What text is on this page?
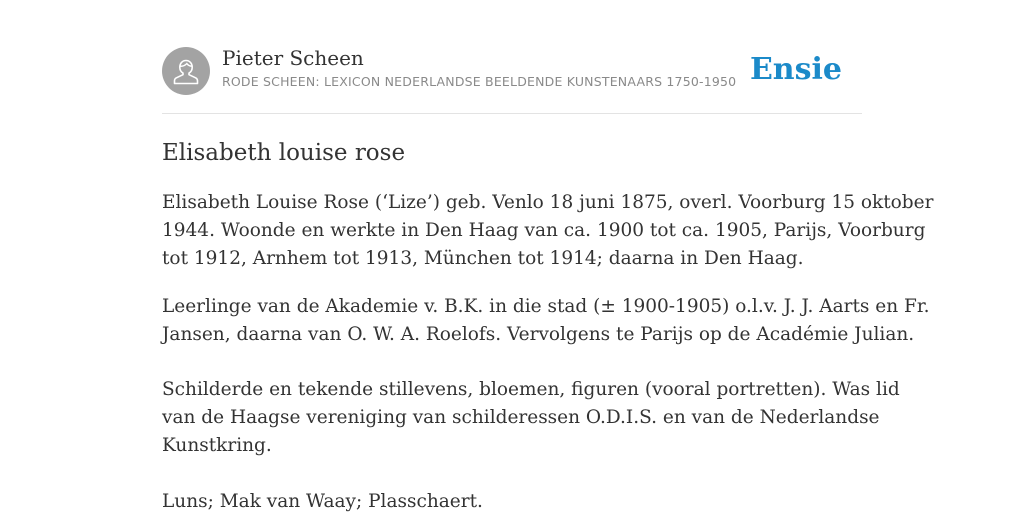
Pieter Scheen
RODE SCHEEN: LEXICON NEDERLANDSE BEELDENDE KUNSTENAARS 1750-1950 Ensie
Elisabeth louise rose

Elisabeth Louise Rose (‘Lize’) geb. Venlo 18 juni 1875, overl. Voorburg 15 oktober
1944. Woonde en werkte in Den Haag van ca. 1900 tot ca. 1905, Parijs, Voorburg
tot 1912, Arnhem tot 1913, München tot 1914; daarna in Den Haag.

Leerlinge van de Akademie v. B.K. in die stad (± 1900-1905) o.l.v. J. J. Aarts en Fr.
Jansen, daarna van O. W. A. Roelofs. Vervolgens te Parijs op de Académie Julian.

Schilderde en tekende stillevens, bloemen, figuren (vooral portretten). Was lid
van de Haagse vereniging van schilderessen O.D.I.S. en van de Nederlandse
Kunstkring.

Luns; Mak van Waay; Plasschaert.
